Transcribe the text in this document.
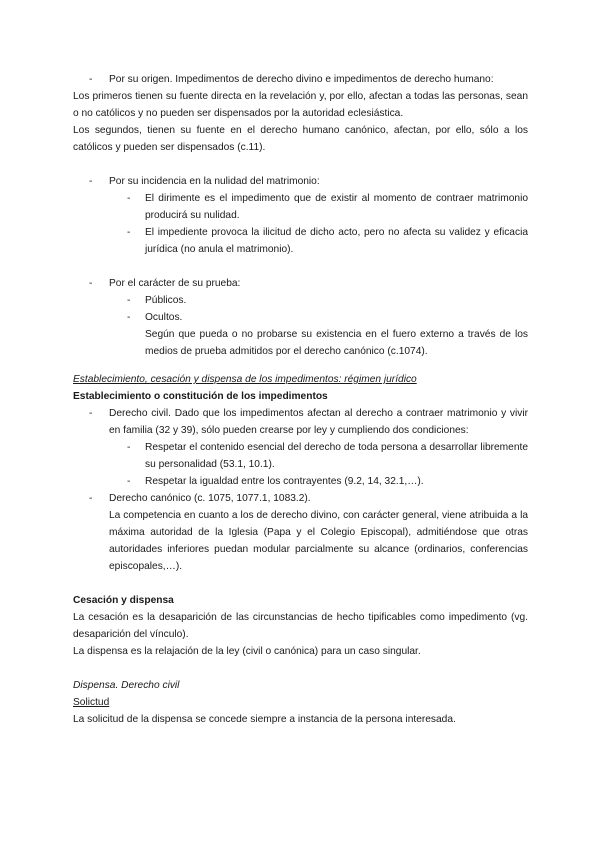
- Por su origen. Impedimentos de derecho divino e impedimentos de derecho humano:

Los primeros tienen su fuente directa en la revelación y, por ello, afectan a todas las personas, sean o no católicos y no pueden ser dispensados por la autoridad eclesiástica.

Los segundos, tienen su fuente en el derecho humano canónico, afectan, por ello, sólo a los católicos y pueden ser dispensados (c.11).

- Por su incidencia en la nulidad del matrimonio:
- El dirimente es el impedimento que de existir al momento de contraer matrimonio producirá su nulidad.
- El impediente provoca la ilicitud de dicho acto, pero no afecta su validez y eficacia jurídica (no anula el matrimonio).
- Por el carácter de su prueba:
- Públicos.
- Ocultos.

Según que pueda o no probarse su existencia en el fuero externo a través de los medios de prueba admitidos por el derecho canónico (c.1074).

Establecimiento, cesación y dispensa de los impedimentos: régimen jurídico

Establecimiento o constitución de los impedimentos

- Derecho civil. Dado que los impedimentos afectan al derecho a contraer matrimonio y vivir en familia (32 y 39), sólo pueden crearse por ley y cumpliendo dos condiciones:
- Respetar el contenido esencial del derecho de toda persona a desarrollar libremente su personalidad (53.1, 10.1).
- Respetar la igualdad entre los contrayentes (9.2, 14, 32.1,…).
- Derecho canónico (c. 1075, 1077.1, 1083.2).

La competencia en cuanto a los de derecho divino, con carácter general, viene atribuida a la máxima autoridad de la Iglesia (Papa y el Colegio Episcopal), admitiéndose que otras autoridades inferiores puedan modular parcialmente su alcance (ordinarios, conferencias episcopales,…).

Cesación y dispensa

La cesación es la desaparición de las circunstancias de hecho tipificables como impedimento (vg. desaparición del vínculo).

La dispensa es la relajación de la ley (civil o canónica) para un caso singular.

Dispensa. Derecho civil

Solictud

La solicitud de la dispensa se concede siempre a instancia de la persona interesada.
